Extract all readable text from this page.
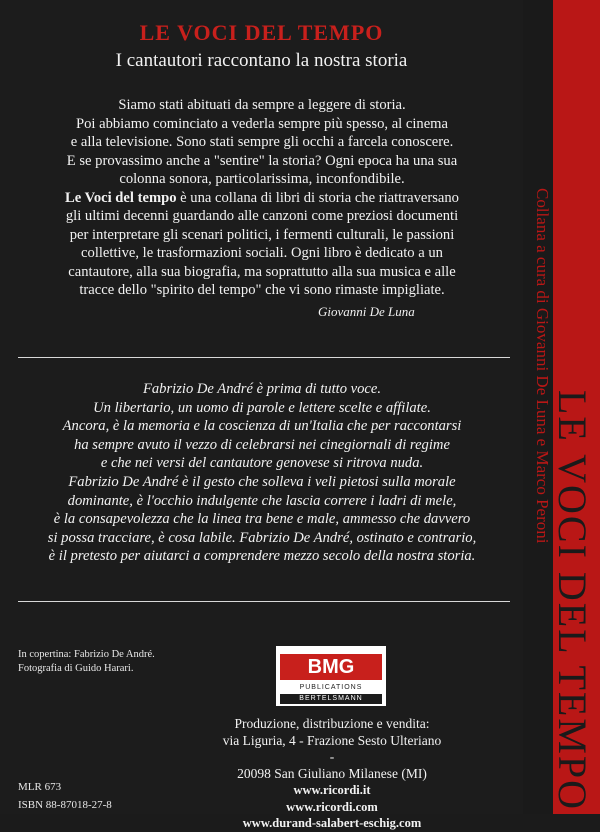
LE VOCI DEL TEMPO
I cantautori raccontano la nostra storia
Siamo stati abituati da sempre a leggere di storia.
Poi abbiamo cominciato a vederla sempre più spesso, al cinema
e alla televisione. Sono stati sempre gli occhi a farcela conoscere.
E se provassimo anche a "sentire" la storia? Ogni epoca ha una sua
colonna sonora, particolarissima, inconfondibile.
Le Voci del tempo è una collana di libri di storia che riattraversano
gli ultimi decenni guardando alle canzoni come preziosi documenti
per interpretare gli scenari politici, i fermenti culturali, le passioni
collettive, le trasformazioni sociali. Ogni libro è dedicato a un
cantautore, alla sua biografia, ma soprattutto alla sua musica e alle
tracce dello "spirito del tempo" che vi sono rimaste impigliate.
Giovanni De Luna
Fabrizio De André è prima di tutto voce.
Un libertario, un uomo di parole e lettere scelte e affilate.
Ancora, è la memoria e la coscienza di un'Italia che per raccontarsi
ha sempre avuto il vezzo di celebrarsi nei cinegiornali di regime
e che nei versi del cantautore genovese si ritrova nuda.
Fabrizio De André è il gesto che solleva i veli pietosi sulla morale
dominante, è l'occhio indulgente che lascia correre i ladri di mele,
è la consapevolezza che la linea tra bene e male, ammesso che davvero
si possa tracciare, è cosa labile. Fabrizio De André, ostinato e contrario,
è il pretesto per aiutarci a comprendere mezzo secolo della nostra storia.
In copertina: Fabrizio De André.
Fotografia di Guido Harari.	BMG
PUBLICATIONS
BERTELSMANN
Produzione, distribuzione e vendita:
via Liguria, 4 - Frazione Sesto Ulteriano -
20098 San Giuliano Milanese (MI)
www.ricordi.it
www.ricordi.com
www.durand-salabert-eschig.com
MLR 673
ISBN 88-87018-27-8	LE VOCI DEL TEMPO
Collana a cura di Giovanni De Luna e Marco Peroni
